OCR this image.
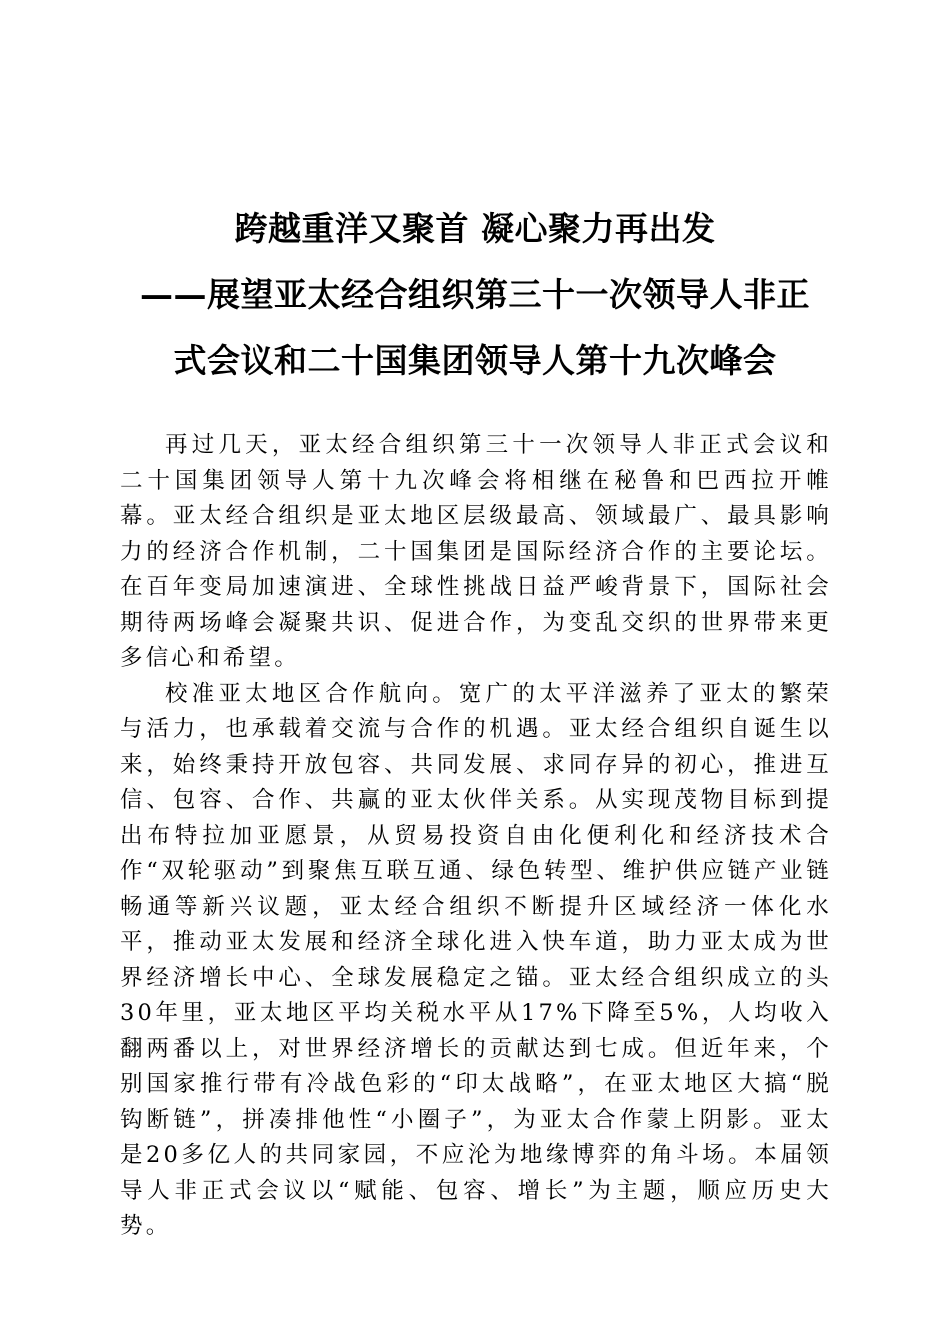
跨越重洋又聚首 凝心聚力再出发

——展望亚太经合组织第三十一次领导人非正

式会议和二十国集团领导人第十九次峰会

再过几天，亚太经合组织第三十一次领导人非正式会议和二十国集团领导人第十九次峰会将相继在秘鲁和巴西拉开帷幕。亚太经合组织是亚太地区层级最高、领域最广、最具影响力的经济合作机制，二十国集团是国际经济合作的主要论坛。在百年变局加速演进、全球性挑战日益严峻背景下，国际社会期待两场峰会凝聚共识、促进合作，为变乱交织的世界带来更多信心和希望。

校准亚太地区合作航向。宽广的太平洋滋养了亚太的繁荣与活力，也承载着交流与合作的机遇。亚太经合组织自诞生以来，始终秉持开放包容、共同发展、求同存异的初心，推进互信、包容、合作、共赢的亚太伙伴关系。从实现茂物目标到提出布特拉加亚愿景，从贸易投资自由化便利化和经济技术合作“双轮驱动”到聚焦互联互通、绿色转型、维护供应链产业链畅通等新兴议题，亚太经合组织不断提升区域经济一体化水平，推动亚太发展和经济全球化进入快车道，助力亚太成为世界经济增长中心、全球发展稳定之锚。亚太经合组织成立的头30年里，亚太地区平均关税水平从17%下降至5%，人均收入翻两番以上，对世界经济增长的贡献达到七成。但近年来，个别国家推行带有冷战色彩的“印太战略”，在亚太地区大搞“脱钩断链”，拼凑排他性“小圈子”，为亚太合作蒙上阴影。亚太是20多亿人的共同家园，不应沦为地缘博弈的角斗场。本届领导人非正式会议以“赋能、包容、增长”为主题，顺应历史大势。
